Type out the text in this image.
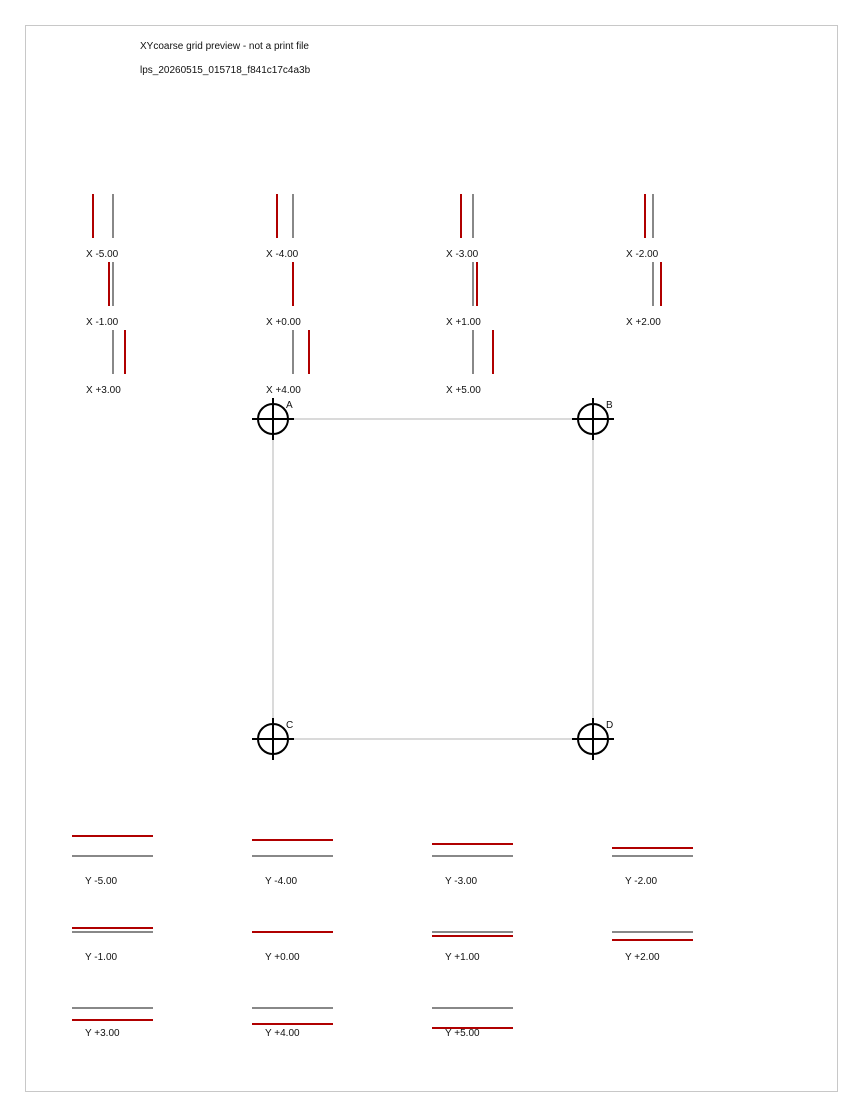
XYcoarse grid preview - not a print file
lps_20260515_015718_f841c17c4a3b
X -5.00	X -4.00	X -3.00	X -2.00
X -1.00	X +0.00	X +1.00	X +2.00
X +3.00	X +4.00	X +5.00
A	B
C	D
Y -5.00	Y -4.00	Y -3.00	Y -2.00
Y -1.00	Y +0.00	Y +1.00	Y +2.00
Y +3.00	Y +4.00	Y +5.00
